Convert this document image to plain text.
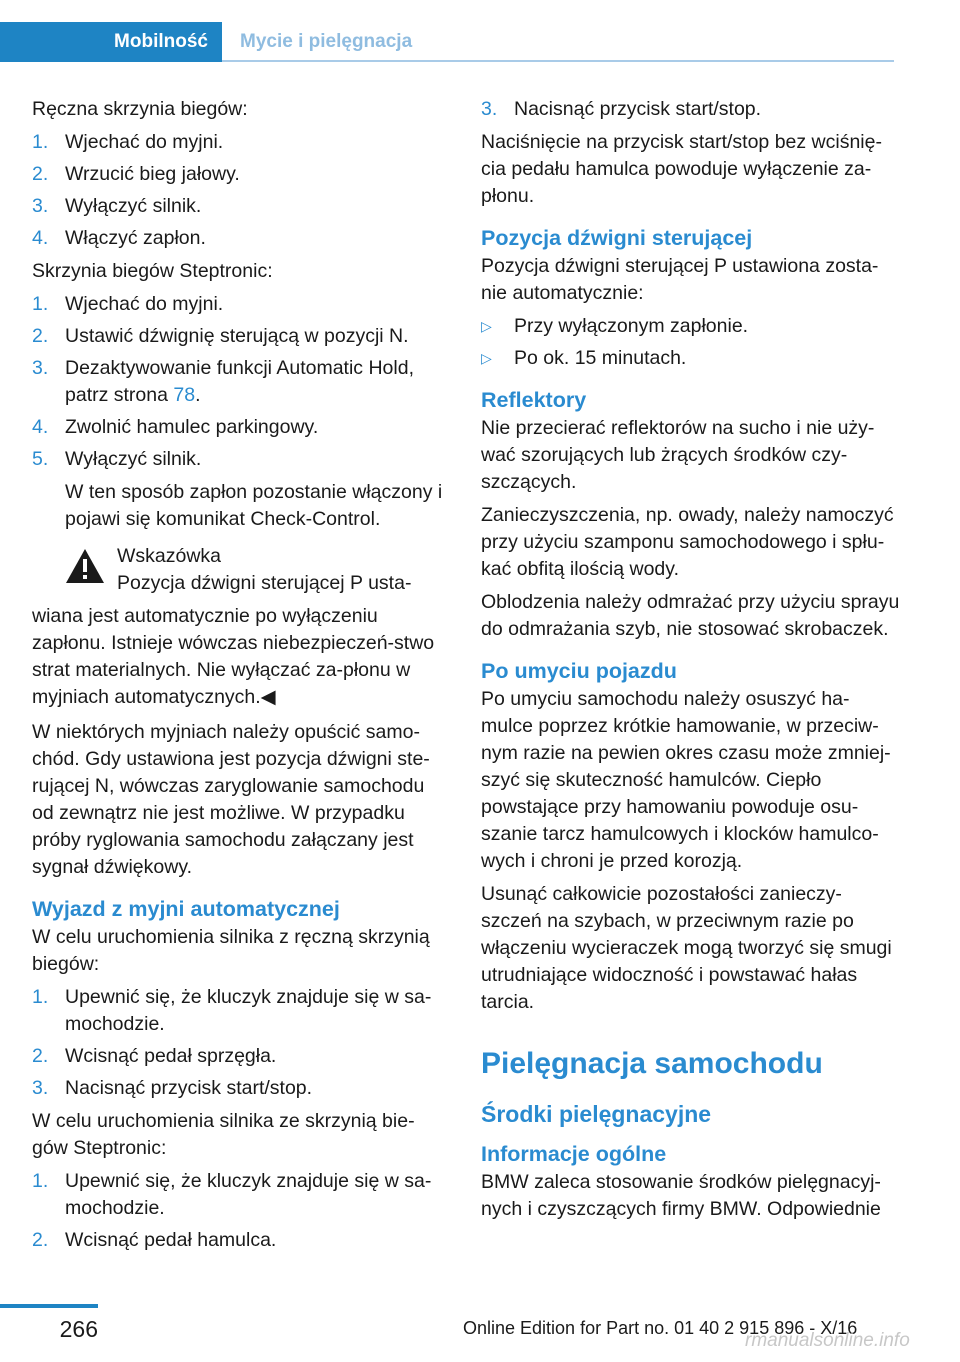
Mobilność Mycie i pielęgnacja

Ręczna skrzynia biegów:

1. Wjechać do myjni.
2. Wrzucić bieg jałowy.
3. Wyłączyć silnik.
4. Włączyć zapłon.

Skrzynia biegów Steptronic:

1. Wjechać do myjni.
2. Ustawić dźwignię sterującą w pozycji N.
3. Dezaktywowanie funkcji Automatic Hold, patrz strona 78.
4. Zwolnić hamulec parkingowy.
5. Wyłączyć silnik.
W ten sposób zapłon pozostanie włączony i pojawi się komunikat Check-Control.
Wskazówka
Pozycja dźwigni sterującej P usta-

wiana jest automatycznie po wyłączeniu zapłonu. Istnieje wówczas niebezpieczeń-stwo strat materialnych. Nie wyłączać za-płonu w myjniach automatycznych.◀

W niektórych myjniach należy opuścić samo-chód. Gdy ustawiona jest pozycja dźwigni ste-rującej N, wówczas zaryglowanie samochodu od zewnątrz nie jest możliwe. W przypadku próby ryglowania samochodu załączany jest sygnał dźwiękowy.

Wyjazd z myjni automatycznej

W celu uruchomienia silnika z ręczną skrzynią biegów:

1. Upewnić się, że kluczyk znajduje się w sa-mochodzie.
2. Wcisnąć pedał sprzęgła.
3. Nacisnąć przycisk start/stop.

W celu uruchomienia silnika ze skrzynią bie-gów Steptronic:

1. Upewnić się, że kluczyk znajduje się w sa-mochodzie.
2. Wcisnąć pedał hamulca.
3. Nacisnąć przycisk start/stop.

Naciśnięcie na przycisk start/stop bez wciśnię-cia pedału hamulca powoduje wyłączenie za-płonu.

Pozycja dźwigni sterującej

Pozycja dźwigni sterującej P ustawiona zosta-nie automatycznie:

▷ Przy wyłączonym zapłonie.
▷ Po ok. 15 minutach.
Reflektory

Nie przecierać reflektorów na sucho i nie uży-wać szorujących lub żrących środków czy-szczących.

Zanieczyszczenia, np. owady, należy namoczyć przy użyciu szamponu samochodowego i spłu-kać obfitą ilością wody.

Oblodzenia należy odmrażać przy użyciu sprayu do odmrażania szyb, nie stosować skrobaczek.

Po umyciu pojazdu

Po umyciu samochodu należy osuszyć ha-mulce poprzez krótkie hamowanie, w przeciw-nym razie na pewien okres czasu może zmniej-szyć się skuteczność hamulców. Ciepło powstające przy hamowaniu powoduje osu-szanie tarcz hamulcowych i klocków hamulco-wych i chroni je przed korozją.

Usunąć całkowicie pozostałości zanieczy-szczeń na szybach, w przeciwnym razie po włączeniu wycieraczek mogą tworzyć się smugi utrudniające widoczność i powstawać hałas tarcia.

Pielęgnacja samochodu
Środki pielęgnacyjne
Informacje ogólne

BMW zaleca stosowanie środków pielęgnacyj-nych i czyszczących firmy BMW. Odpowiednie

266	Online Edition for Part no. 01 40 2 915 896 - X/16
rmanualsonline.info
